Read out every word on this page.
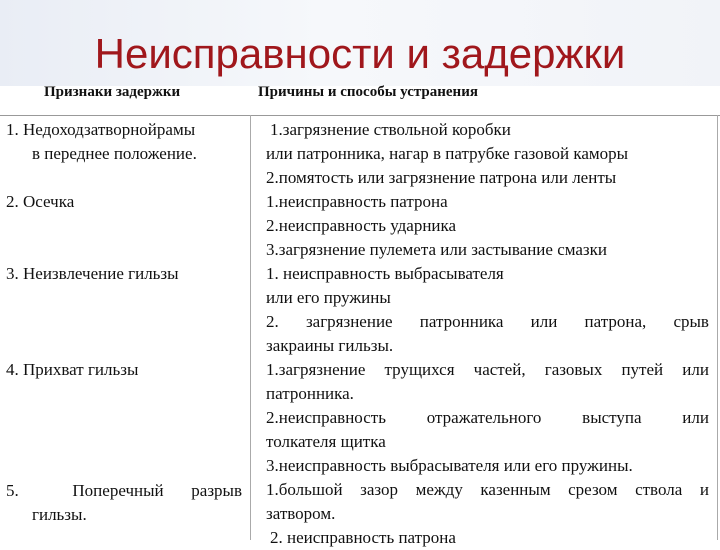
Неисправности и задержки
Признаки задержки	Причины и способы устранения
1. Недоходзатворнойрамы
в переднее положение.
2. Осечка
3. Неизвлечение гильзы
4. Прихват гильзы
5.	Поперечный разрыв
гильзы.
1.загрязнение ствольной коробки
или патронника, нагар в патрубке газовой каморы
2.помятость или загрязнение патрона или ленты
1.неисправность патрона
2.неисправность ударника
3.загрязнение пулемета или застывание смазки
1. неисправность выбрасывателя
или его пружины
2. загрязнение патронника или патрона, срыв
закраины гильзы.
1.загрязнение трущихся частей, газовых путей или
патронника.
2.неисправность отражательного выступа или
толкателя щитка
3.неисправность выбрасывателя или его пружины.
1.большой зазор между казенным срезом ствола и
затвором.
2. неисправность патрона
